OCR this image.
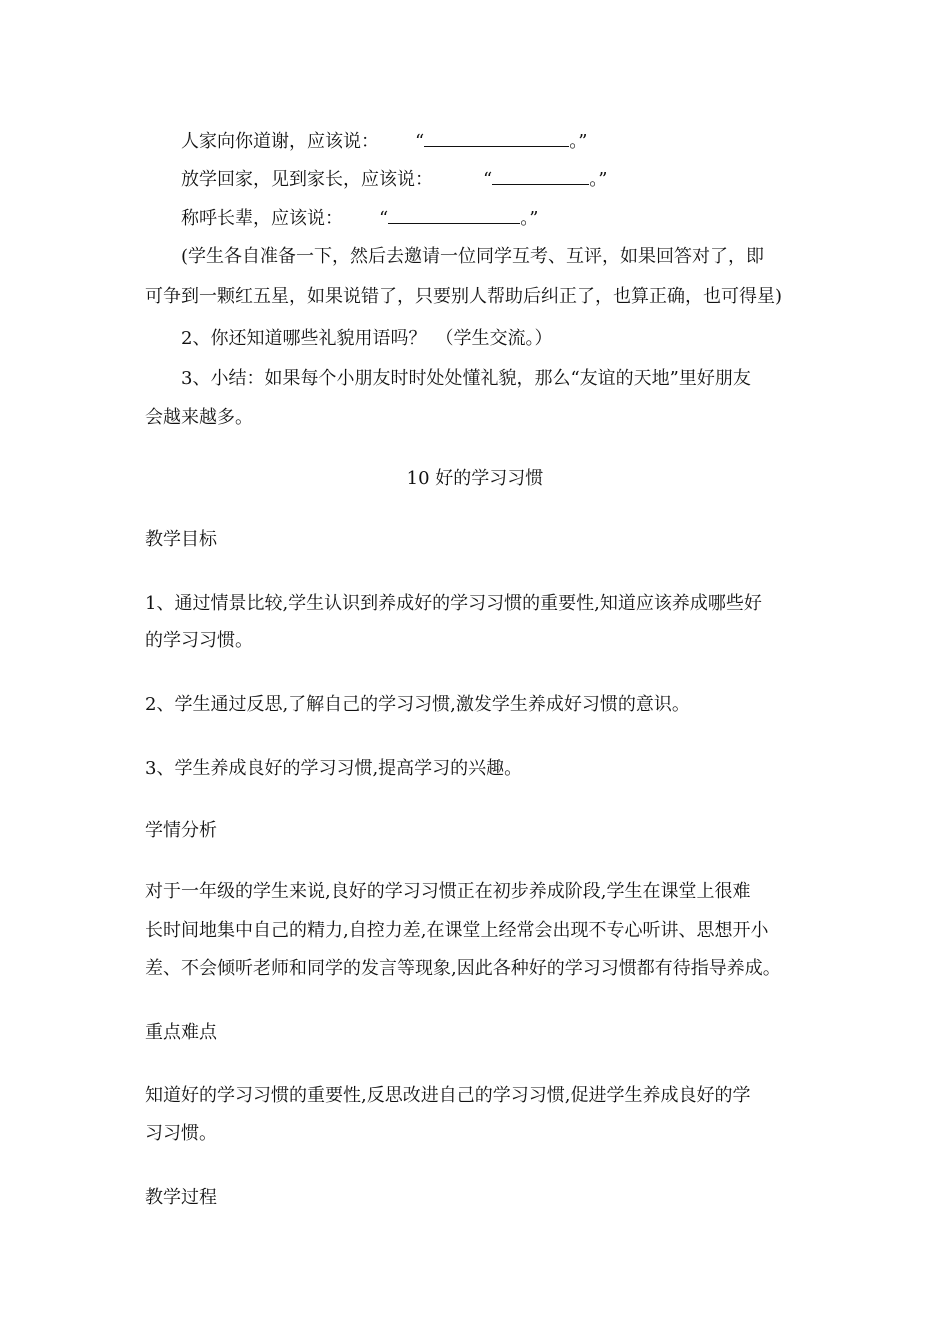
人家向你道谢，应该说： “	。”
放学回家，见到家长，应该说：	“	。”
称呼长辈，应该说： “	。”
(学生各自准备一下，然后去邀请一位同学互考、互评，如果回答对了，即
可争到一颗红五星，如果说错了，只要别人帮助后纠正了，也算正确，也可得星)
2、你还知道哪些礼貌用语吗？　（学生交流。）
3、小结：如果每个小朋友时时处处懂礼貌，那么“友谊的天地”里好朋友
会越来越多。
10 好的学习习惯
教学目标
1、通过情景比较,学生认识到养成好的学习习惯的重要性,知道应该养成哪些好
的学习习惯。
2、学生通过反思,了解自己的学习习惯,激发学生养成好习惯的意识。
3、学生养成良好的学习习惯,提高学习的兴趣。
学情分析
对于一年级的学生来说,良好的学习习惯正在初步养成阶段,学生在课堂上很难
长时间地集中自己的精力,自控力差,在课堂上经常会出现不专心听讲、思想开小
差、不会倾听老师和同学的发言等现象,因此各种好的学习习惯都有待指导养成。
重点难点
知道好的学习习惯的重要性,反思改进自己的学习习惯,促进学生养成良好的学
习习惯。
教学过程
